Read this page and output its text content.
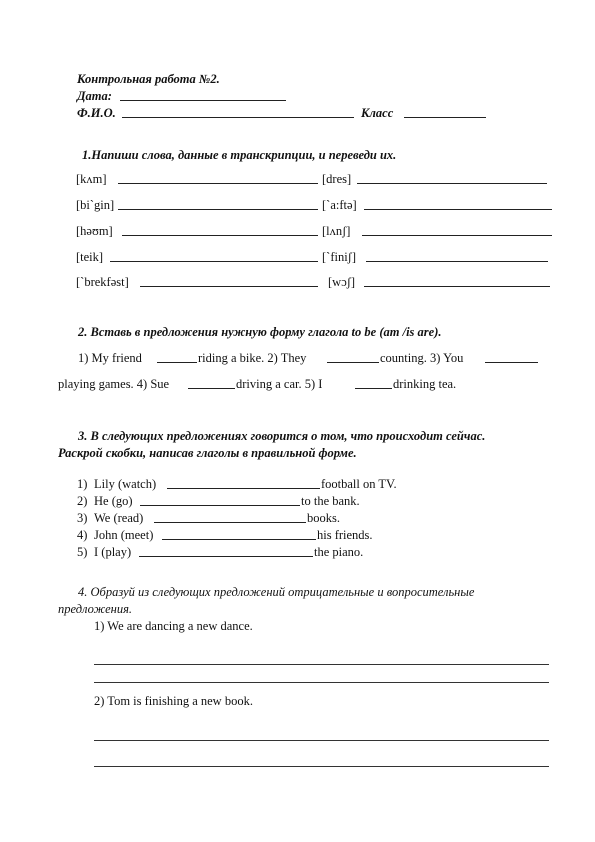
Контрольная работа №2.
Дата:
Ф.И.О.	Класс
1.Напиши слова, данные в транскрипции, и переведи их.
[kʌm]	[dres]
[biˋgin]	[ˋa:ftə]
[həʊm]	[lʌnʃ]
[teik]	[ˋfiniʃ]
[ˋbrekfəst]	[wɔʃ]
2. Вставь в предложения нужную форму глагола to be (am /is are).
1) My friend	riding a bike. 2) They	counting. 3) You
playing games. 4) Sue	driving a car. 5) I	drinking tea.
3. В следующих предложениях говорится о том, что происходит сейчас.
Раскрой скобки, написав глаголы в правильной форме.
1) Lily (watch)	football on TV.
2) He (go)	to the bank.
3) We (read)	books.
4) John (meet)	his friends.
5) I (play)	the piano.
4. Образуй из следующих предложений отрицательные и вопросительные
предложения.
1) We are dancing a new dance.
2) Tom is finishing a new book.
